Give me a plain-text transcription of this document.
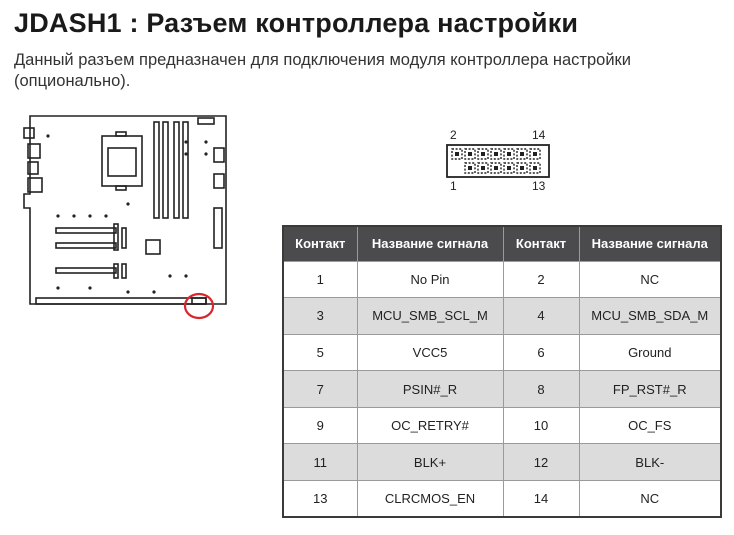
JDASH1 : Разъем контроллера настройки
Данный разъем предназначен для подключения модуля контроллера настройки (опционально).
2	14
1	13
Контакт	Название сигнала	Контакт	Название сигнала
1	No Pin	2	NC
3	MCU_SMB_SCL_M	4	MCU_SMB_SDA_M
5	VCC5	6	Ground
7	PSIN#_R	8	FP_RST#_R
9	OC_RETRY#	10	OC_FS
11	BLK+	12	BLK-
13	CLRCMOS_EN	14	NC
